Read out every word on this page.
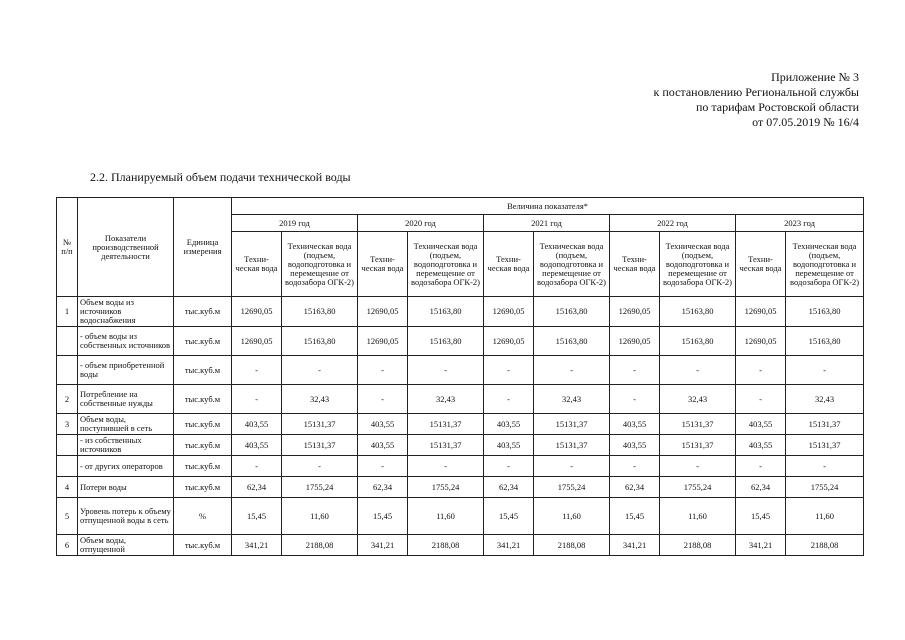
Приложение № 3
к постановлению Региональной службы
по тарифам Ростовской области
от 07.05.2019 № 16/4
2.2. Планируемый объем подачи технической воды
№ п/п	Показатели производственной деятельности	Единица измерения	Величина показателя*									
			2019 год		2020 год		2021 год		2022 год		2023 год	
			Техни-ческая вода	Техническая вода (подъем, водоподготовка и перемещение от водозабора ОГК-2)	Техни-ческая вода	Техническая вода (подъем, водоподготовка и перемещение от водозабора ОГК-2)	Техни-ческая вода	Техническая вода (подъем, водоподготовка и перемещение от водозабора ОГК-2)	Техни-ческая вода	Техническая вода (подъем, водоподготовка и перемещение от водозабора ОГК-2)	Техни-ческая вода	Техническая вода (подъем, водоподготовка и перемещение от водозабора ОГК-2)
1	Объем воды из источников водоснабжения	тыс.куб.м	12690,05	15163,80	12690,05	15163,80	12690,05	15163,80	12690,05	15163,80	12690,05	15163,80
	- объем воды из собственных источников	тыс.куб.м	12690,05	15163,80	12690,05	15163,80	12690,05	15163,80	12690,05	15163,80	12690,05	15163,80
	- объем приобретенной воды	тыс.куб.м	-	-	-	-	-	-	-	-	-	-
2	Потребление на собственные нужды	тыс.куб.м	-	32,43	-	32,43	-	32,43	-	32,43	-	32,43
3	Объем воды, поступившей в сеть	тыс.куб.м	403,55	15131,37	403,55	15131,37	403,55	15131,37	403,55	15131,37	403,55	15131,37
	- из собственных источников	тыс.куб.м	403,55	15131,37	403,55	15131,37	403,55	15131,37	403,55	15131,37	403,55	15131,37
	- от других операторов	тыс.куб.м	-	-	-	-	-	-	-	-	-	-
4	Потери воды	тыс.куб.м	62,34	1755,24	62,34	1755,24	62,34	1755,24	62,34	1755,24	62,34	1755,24
5	Уровень потерь к объему отпущенной воды в сеть	%	15,45	11,60	15,45	11,60	15,45	11,60	15,45	11,60	15,45	11,60
6	Объем воды, отпущенной	тыс.куб.м	341,21	2188,08	341,21	2188,08	341,21	2188,08	341,21	2188,08	341,21	2188,08
